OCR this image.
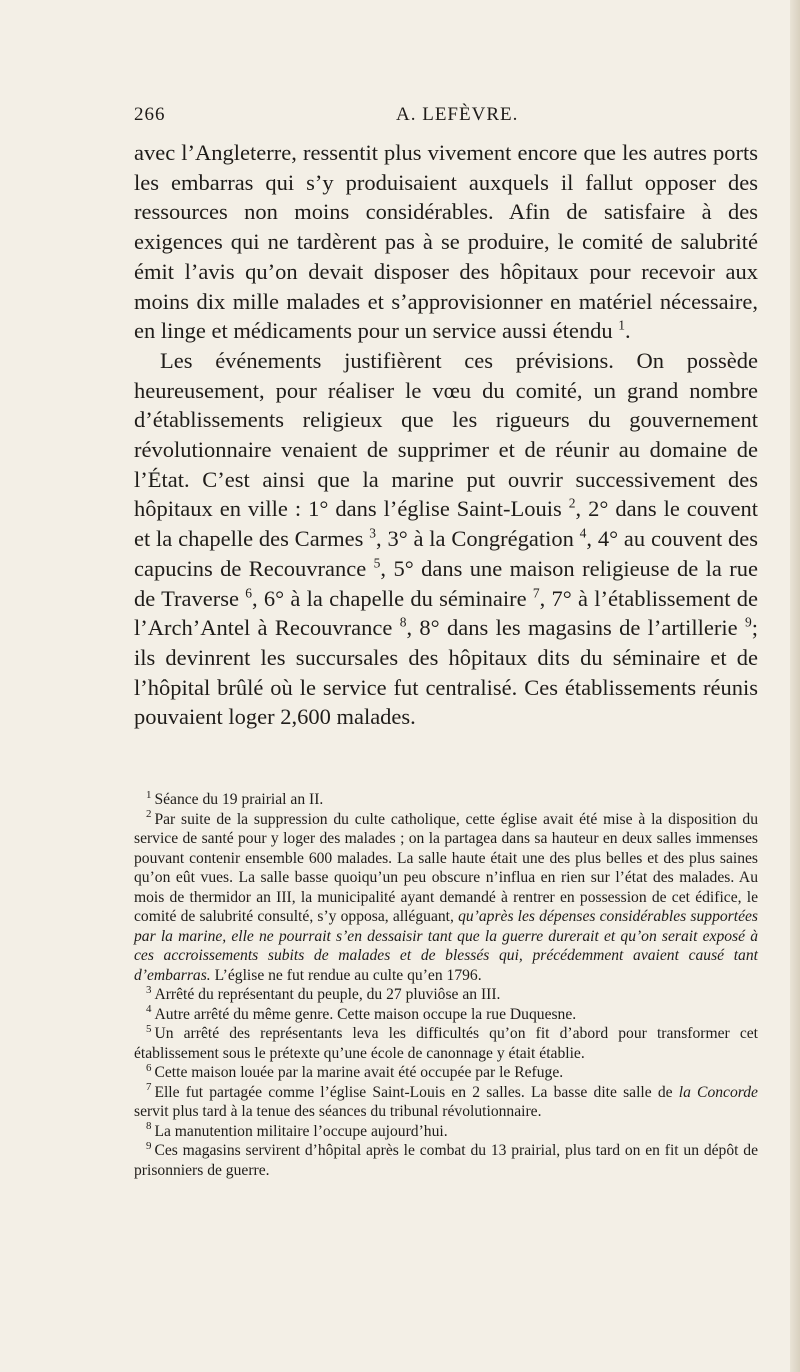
266	A. LEFÈVRE.

avec l’Angleterre, ressentit plus vivement encore que les autres ports les embarras qui s’y produisaient auxquels il fallut opposer des ressources non moins considérables. Afin de satisfaire à des exigences qui ne tardèrent pas à se produire, le comité de salubrité émit l’avis qu’on devait disposer des hôpitaux pour recevoir aux moins dix mille malades et s’approvisionner en matériel nécessaire, en linge et médicaments pour un service aussi étendu $^1$.

Les événements justifièrent ces prévisions. On possède heureusement, pour réaliser le vœu du comité, un grand nombre d’établissements religieux que les rigueurs du gouvernement révolutionnaire venaient de supprimer et de réunir au domaine de l’État. C’est ainsi que la marine put ouvrir successivement des hôpitaux en ville : 1° dans l’église Saint-Louis $^2$, 2° dans le couvent et la chapelle des Carmes $^3$, 3° à la Congrégation $^4$, 4° au couvent des capucins de Recouvrance $^5$, 5° dans une maison religieuse de la rue de Traverse $^6$, 6° à la chapelle du séminaire $^7$, 7° à l’établissement de l’Arch’Antel à Recouvrance $^8$, 8° dans les magasins de l’artillerie $^9$; ils devinrent les succursales des hôpitaux dits du séminaire et de l’hôpital brûlé où le service fut centralisé. Ces établissements réunis pouvaient loger 2,600 malades.

$^1$ Séance du 19 prairial an II.

$^2$ Par suite de la suppression du culte catholique, cette église avait été mise à la disposition du service de santé pour y loger des malades ; on la partagea dans sa hauteur en deux salles immenses pouvant contenir ensemble 600 malades. La salle haute était une des plus belles et des plus saines qu’on eût vues. La salle basse quoiqu’un peu obscure n’influa en rien sur l’état des malades. Au mois de thermidor an III, la municipalité ayant demandé à rentrer en possession de cet édifice, le comité de salubrité consulté, s’y opposa, alléguant, qu’après les dépenses considérables supportées par la marine, elle ne pourrait s’en dessaisir tant que la guerre durerait et qu’on serait exposé à ces accroissements subits de malades et de blessés qui, précédemment avaient causé tant d’embarras. L’église ne fut rendue au culte qu’en 1796.

$^3$ Arrêté du représentant du peuple, du 27 pluviôse an III.

$^4$ Autre arrêté du même genre. Cette maison occupe la rue Duquesne.

$^5$ Un arrêté des représentants leva les difficultés qu’on fit d’abord pour transformer cet établissement sous le prétexte qu’une école de canonnage y était établie.

$^6$ Cette maison louée par la marine avait été occupée par le Refuge.

$^7$ Elle fut partagée comme l’église Saint-Louis en 2 salles. La basse dite salle de la Concorde servit plus tard à la tenue des séances du tribunal révolutionnaire.

$^8$ La manutention militaire l’occupe aujourd’hui.

$^9$ Ces magasins servirent d’hôpital après le combat du 13 prairial, plus tard on en fit un dépôt de prisonniers de guerre.
